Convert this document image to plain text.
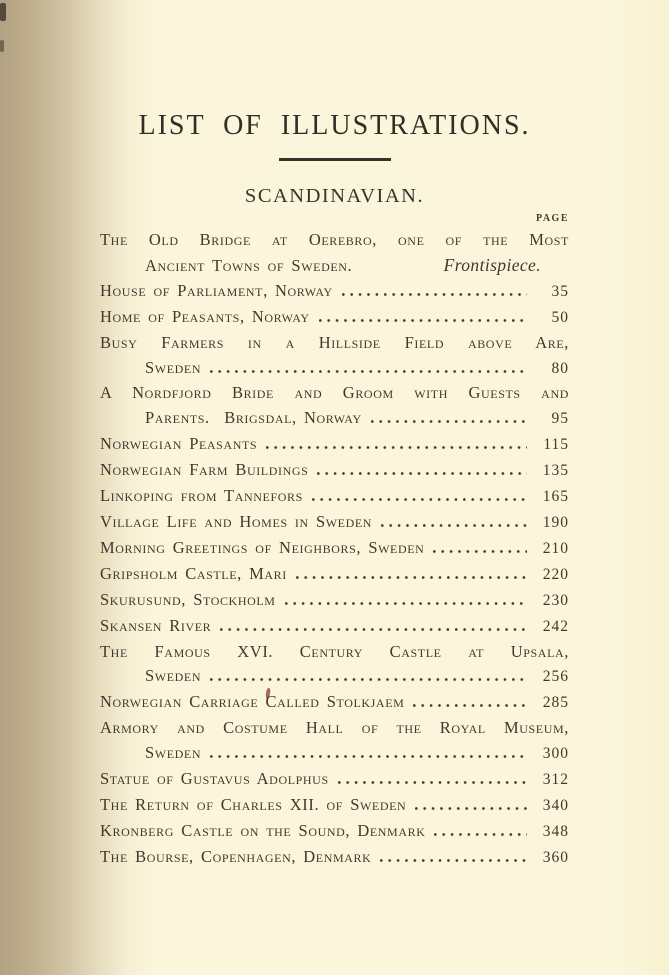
LIST OF ILLUSTRATIONS.
SCANDINAVIAN.
PAGE
The Old Bridge at Oerebro, one of the Most
Ancient Towns of Sweden.	Frontispiece.
House of Parliament, Norway	35
Home of Peasants, Norway	50
Busy Farmers in a Hillside Field above Are,
Sweden	80
A Nordfjord Bride and Groom with Guests and
Parents.  Brigsdal, Norway	95
Norwegian Peasants	115
Norwegian Farm Buildings	135
Linkoping from Tannefors	165
Village Life and Homes in Sweden	190
Morning Greetings of Neighbors, Sweden	210
Gripsholm Castle, Mari	220
Skurusund, Stockholm	230
Skansen River	242
The Famous XVI. Century Castle at Upsala,
Sweden	256
Norwegian Carriage Called Stolkjaem	285
Armory and Costume Hall of the Royal Museum,
Sweden	300
Statue of Gustavus Adolphus	312
The Return of Charles XII. of Sweden	340
Kronberg Castle on the Sound, Denmark	348
The Bourse, Copenhagen, Denmark	360
